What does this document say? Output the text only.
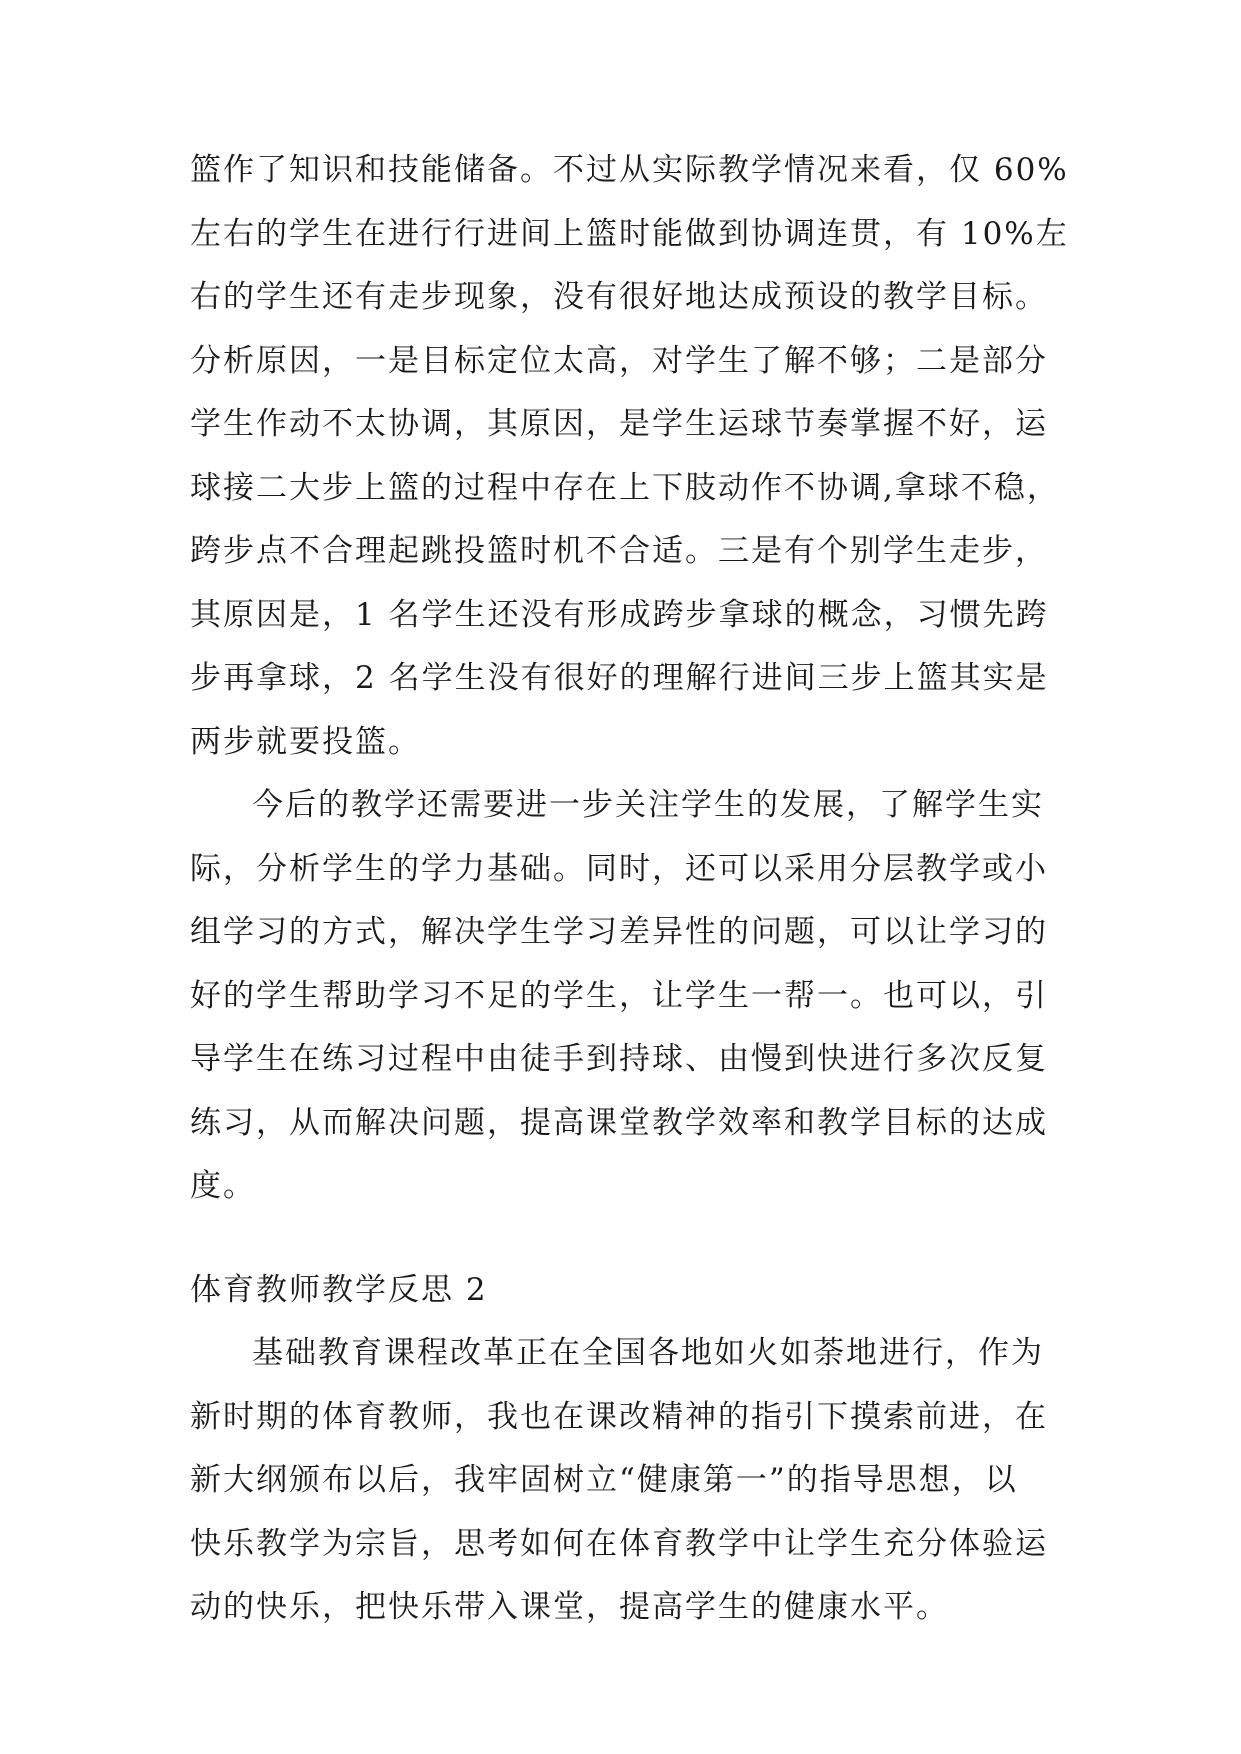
篮作了知识和技能储备。不过从实际教学情况来看，仅 60%
左右的学生在进行行进间上篮时能做到协调连贯，有 10%左
右的学生还有走步现象，没有很好地达成预设的教学目标。
分析原因，一是目标定位太高，对学生了解不够；二是部分
学生作动不太协调，其原因，是学生运球节奏掌握不好，运
球接二大步上篮的过程中存在上下肢动作不协调,拿球不稳，
跨步点不合理起跳投篮时机不合适。三是有个别学生走步，
其原因是，1 名学生还没有形成跨步拿球的概念，习惯先跨
步再拿球，2 名学生没有很好的理解行进间三步上篮其实是
两步就要投篮。
今后的教学还需要进一步关注学生的发展，了解学生实
际，分析学生的学力基础。同时，还可以采用分层教学或小
组学习的方式，解决学生学习差异性的问题，可以让学习的
好的学生帮助学习不足的学生，让学生一帮一。也可以，引
导学生在练习过程中由徒手到持球、由慢到快进行多次反复
练习，从而解决问题，提高课堂教学效率和教学目标的达成
度。
体育教师教学反思 2
基础教育课程改革正在全国各地如火如荼地进行，作为
新时期的体育教师，我也在课改精神的指引下摸索前进，在
新大纲颁布以后，我牢固树立“健康第一”的指导思想，以
快乐教学为宗旨，思考如何在体育教学中让学生充分体验运
动的快乐，把快乐带入课堂，提高学生的健康水平。
